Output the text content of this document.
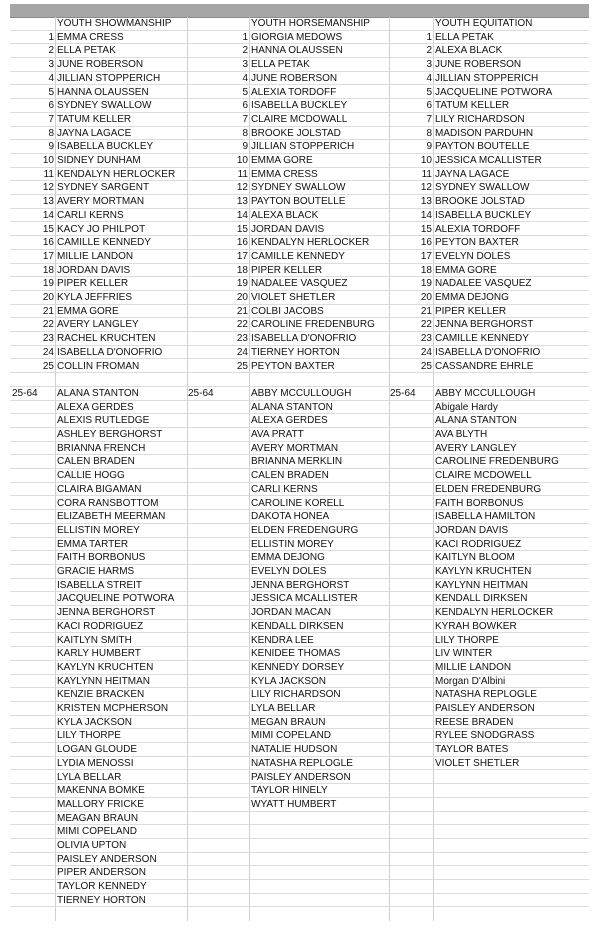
YOUTH SHOWMANSHIP	YOUTH HORSEMANSHIP	YOUTH EQUITATION
1 EMMA CRESS	1 GIORGIA MEDOWS	1 ELLA PETAK
2 ELLA PETAK	2 HANNA OLAUSSEN	2 ALEXA BLACK
3 JUNE ROBERSON	3 ELLA PETAK	3 JUNE ROBERSON
4 JILLIAN STOPPERICH	4 JUNE ROBERSON	4 JILLIAN STOPPERICH
5 HANNA OLAUSSEN	5 ALEXIA TORDOFF	5 JACQUELINE POTWORA
6 SYDNEY SWALLOW	6 ISABELLA BUCKLEY	6 TATUM KELLER
7 TATUM KELLER	7 CLAIRE MCDOWALL	7 LILY RICHARDSON
8 JAYNA LAGACE	8 BROOKE JOLSTAD	8 MADISON PARDUHN
9 ISABELLA BUCKLEY	9 JILLIAN STOPPERICH	9 PAYTON BOUTELLE
10 SIDNEY DUNHAM	10 EMMA GORE	10 JESSICA MCALLISTER
11 KENDALYN HERLOCKER	11 EMMA CRESS	11 JAYNA LAGACE
12 SYDNEY SARGENT	12 SYDNEY SWALLOW	12 SYDNEY SWALLOW
13 AVERY MORTMAN	13 PAYTON BOUTELLE	13 BROOKE JOLSTAD
14 CARLI KERNS	14 ALEXA BLACK	14 ISABELLA BUCKLEY
15 KACY JO PHILPOT	15 JORDAN DAVIS	15 ALEXIA TORDOFF
16 CAMILLE KENNEDY	16 KENDALYN HERLOCKER	16 PEYTON BAXTER
17 MILLIE LANDON	17 CAMILLE KENNEDY	17 EVELYN DOLES
18 JORDAN DAVIS	18 PIPER KELLER	18 EMMA GORE
19 PIPER KELLER	19 NADALEE VASQUEZ	19 NADALEE VASQUEZ
20 KYLA JEFFRIES	20 VIOLET SHETLER	20 EMMA DEJONG
21 EMMA GORE	21 COLBI JACOBS	21 PIPER KELLER
22 AVERY LANGLEY	22 CAROLINE FREDENBURG	22 JENNA BERGHORST
23 RACHEL KRUCHTEN	23 ISABELLA D'ONOFRIO	23 CAMILLE KENNEDY
24 ISABELLA D'ONOFRIO	24 TIERNEY HORTON	24 ISABELLA D'ONOFRIO
25 COLLIN FROMAN	25 PEYTON BAXTER	25 CASSANDRE EHRLE
25-64	ALANA STANTON	25-64	ABBY MCCULLOUGH	25-64	ABBY MCCULLOUGH
ALEXA GERDES	ALANA STANTON	Abigale Hardy
ALEXIS RUTLEDGE	ALEXA GERDES	ALANA STANTON
ASHLEY BERGHORST	AVA PRATT	AVA BLYTH
BRIANNA FRENCH	AVERY MORTMAN	AVERY LANGLEY
CALEN BRADEN	BRIANNA MERKLIN	CAROLINE FREDENBURG
CALLIE HOGG	CALEN BRADEN	CLAIRE MCDOWELL
CLAIRA BIGAMAN	CARLI KERNS	ELDEN FREDENBURG
CORA RANSBOTTOM	CAROLINE KORELL	FAITH BORBONUS
ELIZABETH MEERMAN	DAKOTA HONEA	ISABELLA HAMILTON
ELLISTIN MOREY	ELDEN FREDENGURG	JORDAN DAVIS
EMMA TARTER	ELLISTIN MOREY	KACI RODRIGUEZ
FAITH BORBONUS	EMMA DEJONG	KAITLYN BLOOM
GRACIE HARMS	EVELYN DOLES	KAYLYN KRUCHTEN
ISABELLA STREIT	JENNA BERGHORST	KAYLYNN HEITMAN
JACQUELINE POTWORA	JESSICA MCALLISTER	KENDALL DIRKSEN
JENNA BERGHORST	JORDAN MACAN	KENDALYN HERLOCKER
KACI RODRIGUEZ	KENDALL DIRKSEN	KYRAH BOWKER
KAITLYN SMITH	KENDRA LEE	LILY THORPE
KARLY HUMBERT	KENIDEE THOMAS	LIV WINTER
KAYLYN KRUCHTEN	KENNEDY DORSEY	MILLIE LANDON
KAYLYNN HEITMAN	KYLA JACKSON	Morgan D'Albini
KENZIE BRACKEN	LILY RICHARDSON	NATASHA REPLOGLE
KRISTEN MCPHERSON	LYLA BELLAR	PAISLEY ANDERSON
KYLA JACKSON	MEGAN BRAUN	REESE BRADEN
LILY THORPE	MIMI COPELAND	RYLEE SNODGRASS
LOGAN GLOUDE	NATALIE HUDSON	TAYLOR BATES
LYDIA MENOSSI	NATASHA REPLOGLE	VIOLET SHETLER
LYLA BELLAR	PAISLEY ANDERSON
MAKENNA BOMKE	TAYLOR HINELY
MALLORY FRICKE	WYATT HUMBERT
MEAGAN BRAUN
MIMI COPELAND
OLIVIA UPTON
PAISLEY ANDERSON
PIPER ANDERSON
TAYLOR KENNEDY
TIERNEY HORTON
